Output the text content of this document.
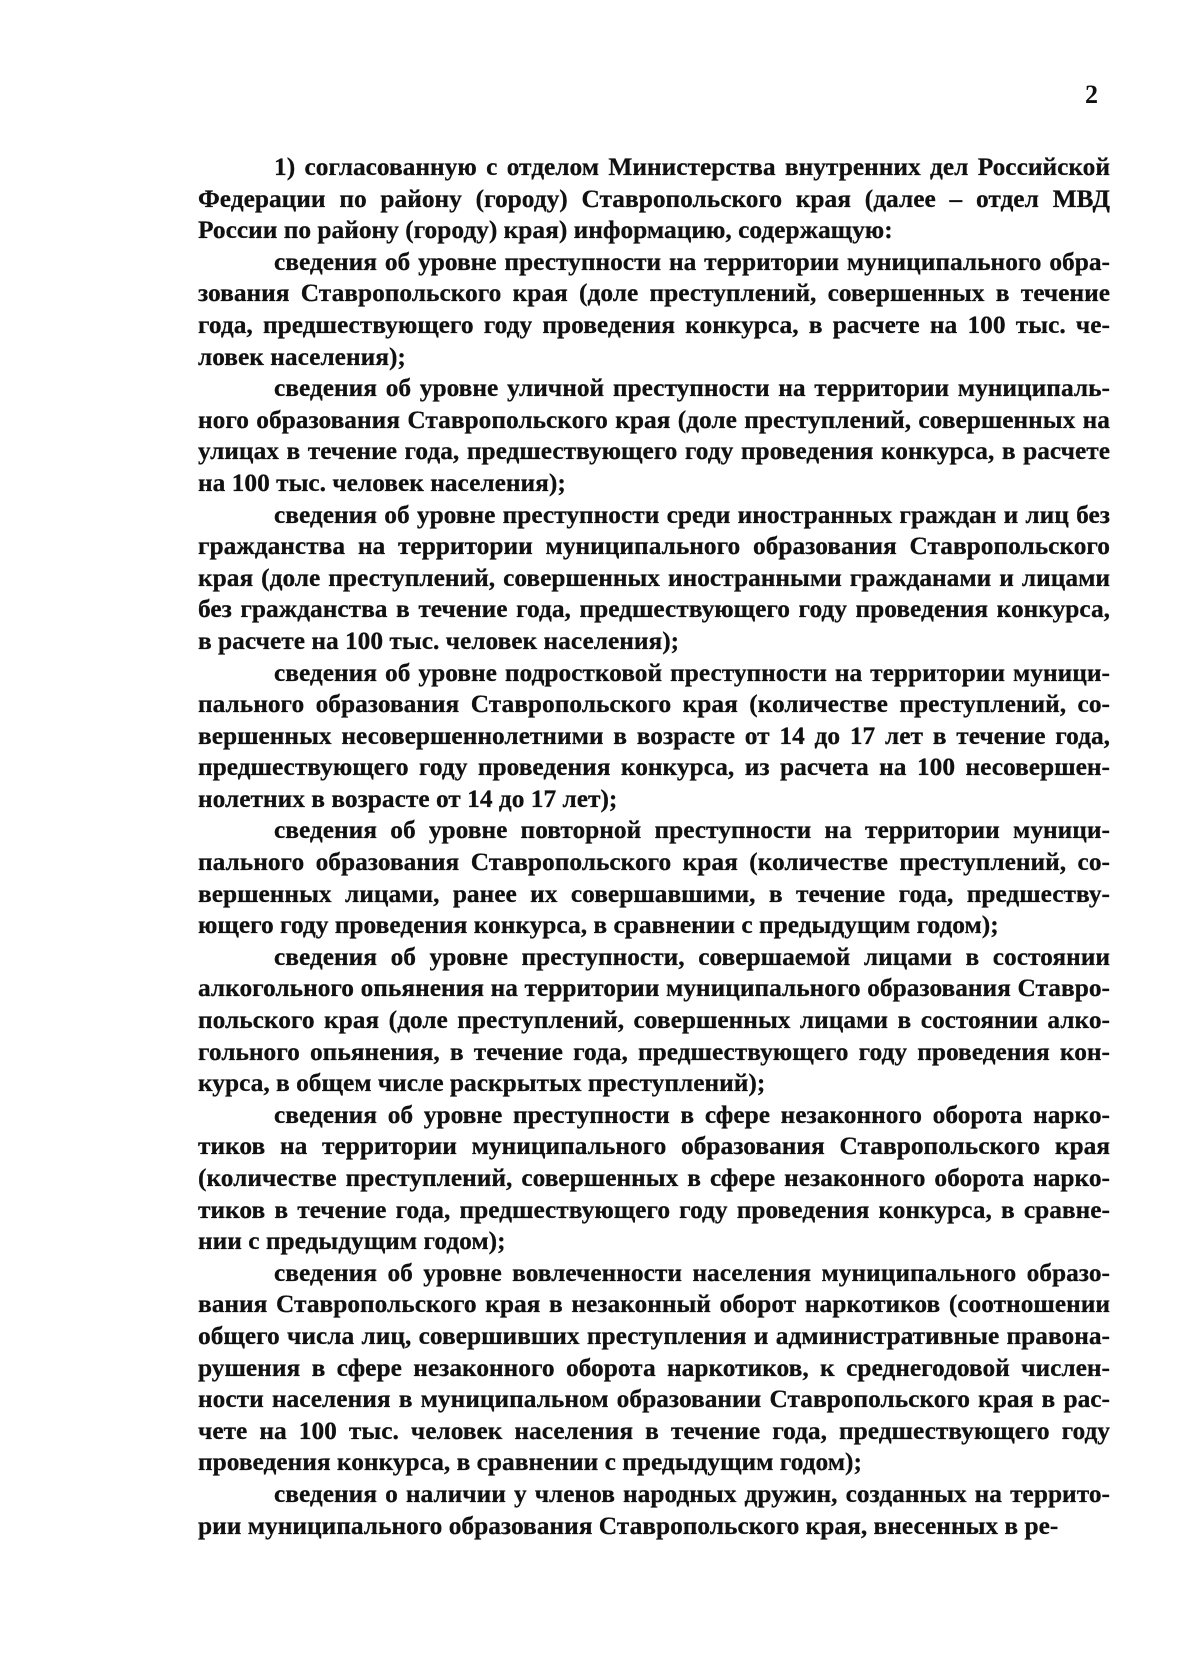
2

1) согласованную с отделом Министерства внутренних дел Российской Федерации по району (городу) Ставропольского края (далее – отдел МВД России по району (городу) края) информацию, содержащую:

сведения об уровне преступности на территории муниципального образования Ставропольского края (доле преступлений, совершенных в течение года, предшествующего году проведения конкурса, в расчете на 100 тыс. человек населения);

сведения об уровне уличной преступности на территории муниципального образования Ставропольского края (доле преступлений, совершенных на улицах в течение года, предшествующего году проведения конкурса, в расчете на 100 тыс. человек населения);

сведения об уровне преступности среди иностранных граждан и лиц без гражданства на территории муниципального образования Ставропольского края (доле преступлений, совершенных иностранными гражданами и лицами без гражданства в течение года, предшествующего году проведения конкурса, в расчете на 100 тыс. человек населения);

сведения об уровне подростковой преступности на территории муниципального образования Ставропольского края (количестве преступлений, совершенных несовершеннолетними в возрасте от 14 до 17 лет в течение года, предшествующего году проведения конкурса, из расчета на 100 несовершеннолетних в возрасте от 14 до 17 лет);

сведения об уровне повторной преступности на территории муниципального образования Ставропольского края (количестве преступлений, совершенных лицами, ранее их совершавшими, в течение года, предшествующего году проведения конкурса, в сравнении с предыдущим годом);

сведения об уровне преступности, совершаемой лицами в состоянии алкогольного опьянения на территории муниципального образования Ставропольского края (доле преступлений, совершенных лицами в состоянии алкогольного опьянения, в течение года, предшествующего году проведения конкурса, в общем числе раскрытых преступлений);

сведения об уровне преступности в сфере незаконного оборота наркотиков на территории муниципального образования Ставропольского края (количестве преступлений, совершенных в сфере незаконного оборота наркотиков в течение года, предшествующего году проведения конкурса, в сравнении с предыдущим годом);

сведения об уровне вовлеченности населения муниципального образования Ставропольского края в незаконный оборот наркотиков (соотношении общего числа лиц, совершивших преступления и административные правонарушения в сфере незаконного оборота наркотиков, к среднегодовой численности населения в муниципальном образовании Ставропольского края в расчете на 100 тыс. человек населения в течение года, предшествующего году проведения конкурса, в сравнении с предыдущим годом);

сведения о наличии у членов народных дружин, созданных на территории муниципального образования Ставропольского края, внесенных в ре-
